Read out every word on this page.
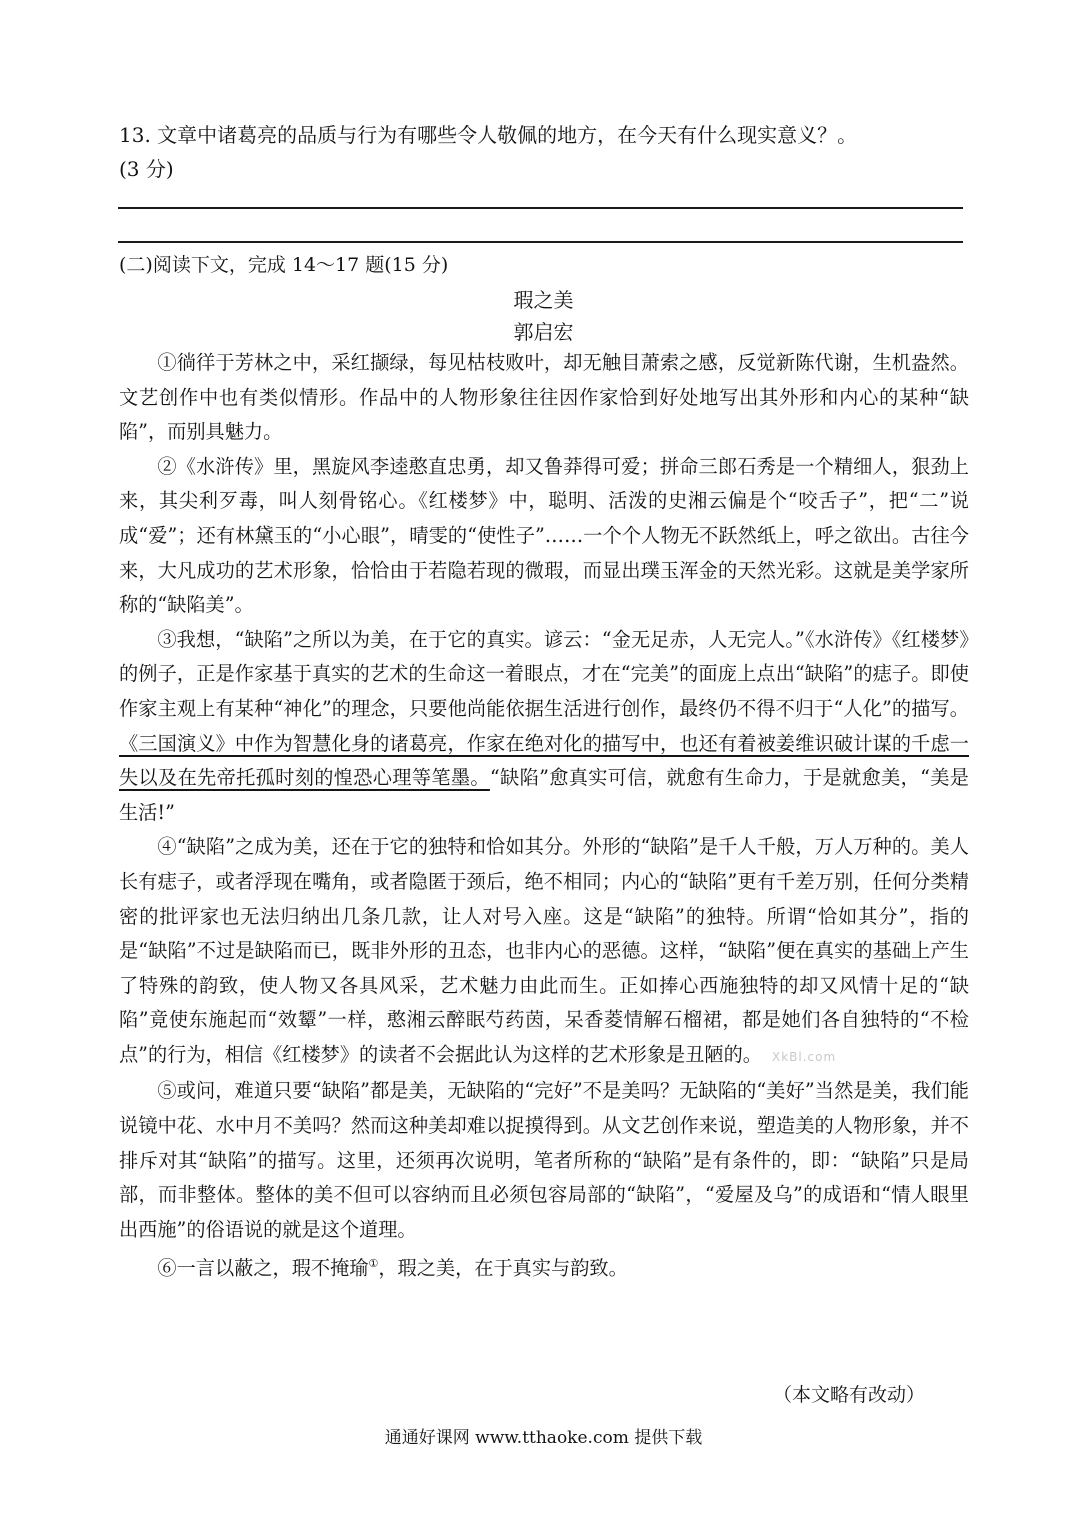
13. 文章中诸葛亮的品质与行为有哪些令人敬佩的地方，在今天有什么现实意义？。
(3 分)
(二)阅读下文，完成 14～17 题(15 分)
瑕之美
郭启宏

①徜徉于芳林之中，采红撷绿，每见枯枝败叶，却无触目萧索之感，反觉新陈代谢，生机盎然。文艺创作中也有类似情形。作品中的人物形象往往因作家恰到好处地写出其外形和内心的某种“缺陷”，而别具魅力。

②《水浒传》里，黑旋风李逵憨直忠勇，却又鲁莽得可爱；拼命三郎石秀是一个精细人，狠劲上来，其尖利歹毒，叫人刻骨铭心。《红楼梦》中，聪明、活泼的史湘云偏是个“咬舌子”，把“二”说成“爱”；还有林黛玉的“小心眼”，晴雯的“使性子”……一个个人物无不跃然纸上，呼之欲出。古往今来，大凡成功的艺术形象，恰恰由于若隐若现的微瑕，而显出璞玉浑金的天然光彩。这就是美学家所称的“缺陷美”。

③我想，“缺陷”之所以为美，在于它的真实。谚云：“金无足赤，人无完人。”《水浒传》《红楼梦》的例子，正是作家基于真实的艺术的生命这一着眼点，才在“完美”的面庞上点出“缺陷”的痣子。即使作家主观上有某种“神化”的理念，只要他尚能依据生活进行创作，最终仍不得不归于“人化”的描写。《三国演义》中作为智慧化身的诸葛亮，作家在绝对化的描写中，也还有着被姜维识破计谋的千虑一失以及在先帝托孤时刻的惶恐心理等笔墨。“缺陷”愈真实可信，就愈有生命力，于是就愈美，“美是生活!”

④“缺陷”之成为美，还在于它的独特和恰如其分。外形的“缺陷”是千人千般，万人万种的。美人长有痣子，或者浮现在嘴角，或者隐匿于颈后，绝不相同；内心的“缺陷”更有千差万别，任何分类精密的批评家也无法归纳出几条几款，让人对号入座。这是“缺陷”的独特。所谓“恰如其分”，指的是“缺陷”不过是缺陷而已，既非外形的丑态，也非内心的恶德。这样，“缺陷”便在真实的基础上产生了特殊的韵致，使人物又各具风采，艺术魅力由此而生。正如捧心西施独特的却又风情十足的“缺陷”竟使东施起而“效颦”一样，憨湘云醉眠芍药茵，呆香菱情解石榴裙，都是她们各自独特的“不检点”的行为，相信《红楼梦》的读者不会据此认为这样的艺术形象是丑陋的。 XkBl.com

⑤或问，难道只要“缺陷”都是美，无缺陷的“完好”不是美吗？无缺陷的“美好”当然是美，我们能说镜中花、水中月不美吗？然而这种美却难以捉摸得到。从文艺创作来说，塑造美的人物形象，并不排斥对其“缺陷”的描写。这里，还须再次说明，笔者所称的“缺陷”是有条件的，即：“缺陷”只是局部，而非整体。整体的美不但可以容纳而且必须包容局部的“缺陷”，“爱屋及乌”的成语和“情人眼里出西施”的俗语说的就是这个道理。

⑥一言以蔽之，瑕不掩瑜①，瑕之美，在于真实与韵致。

（本文略有改动）
通通好课网 www.tthaoke.com 提供下载
